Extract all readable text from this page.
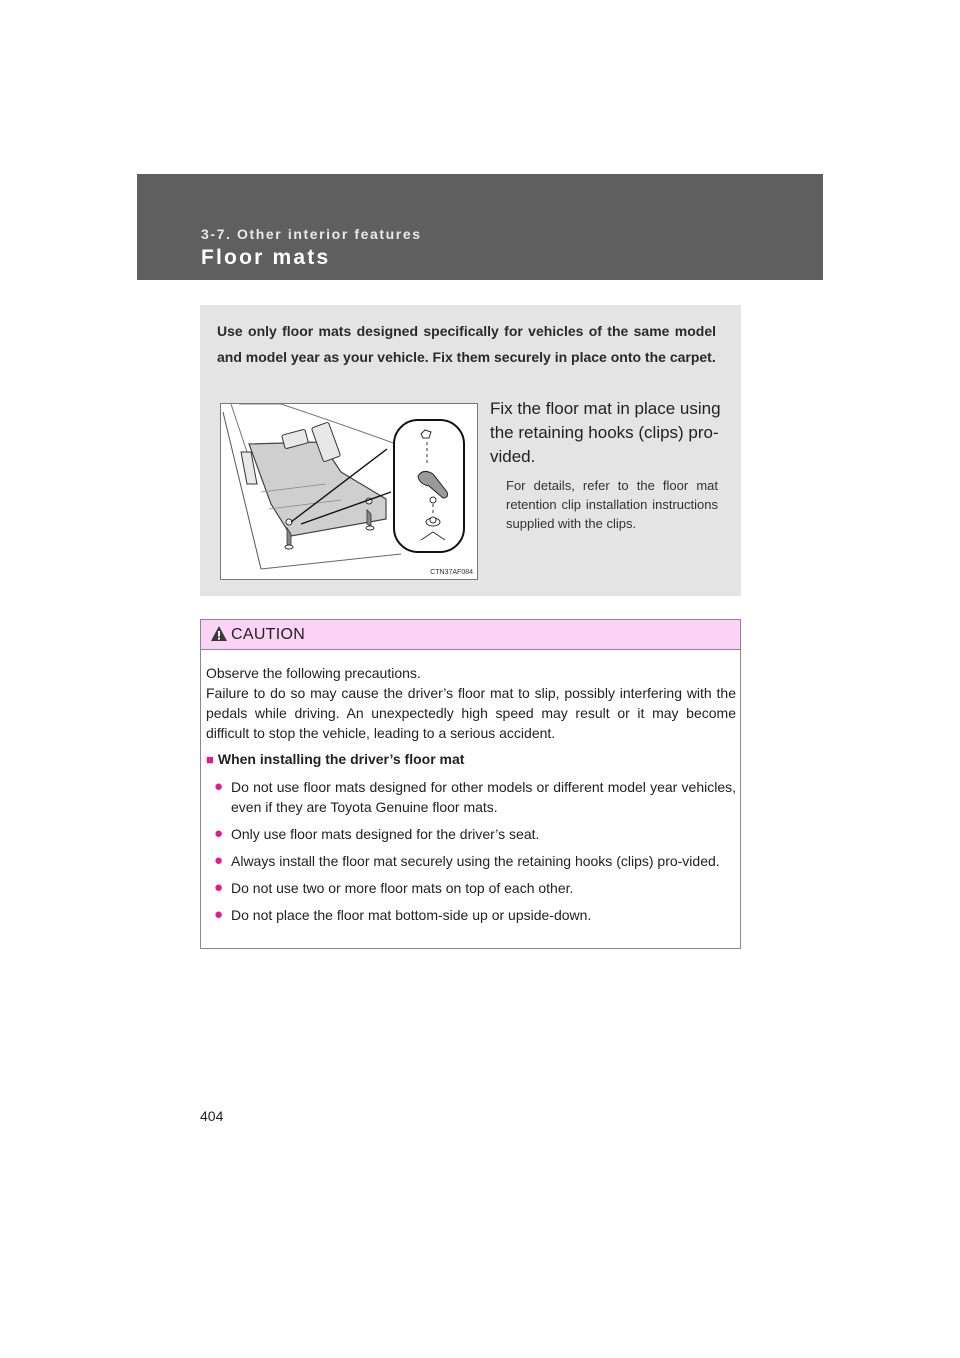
3-7. Other interior features
Floor mats
Use only floor mats designed specifically for vehicles of the same model and model year as your vehicle. Fix them securely in place onto the carpet.
CTN37AF084
Fix the floor mat in place using the retaining hooks (clips) pro-vided.
For details, refer to the floor mat retention clip installation instructions supplied with the clips.
CAUTION
Observe the following precautions.
Failure to do so may cause the driver’s floor mat to slip, possibly interfering with the pedals while driving. An unexpectedly high speed may result or it may become difficult to stop the vehicle, leading to a serious accident.
■ When installing the driver’s floor mat
● Do not use floor mats designed for other models or different model year vehicles, even if they are Toyota Genuine floor mats.
● Only use floor mats designed for the driver’s seat.
● Always install the floor mat securely using the retaining hooks (clips) pro-vided.
● Do not use two or more floor mats on top of each other.
● Do not place the floor mat bottom-side up or upside-down.
404
